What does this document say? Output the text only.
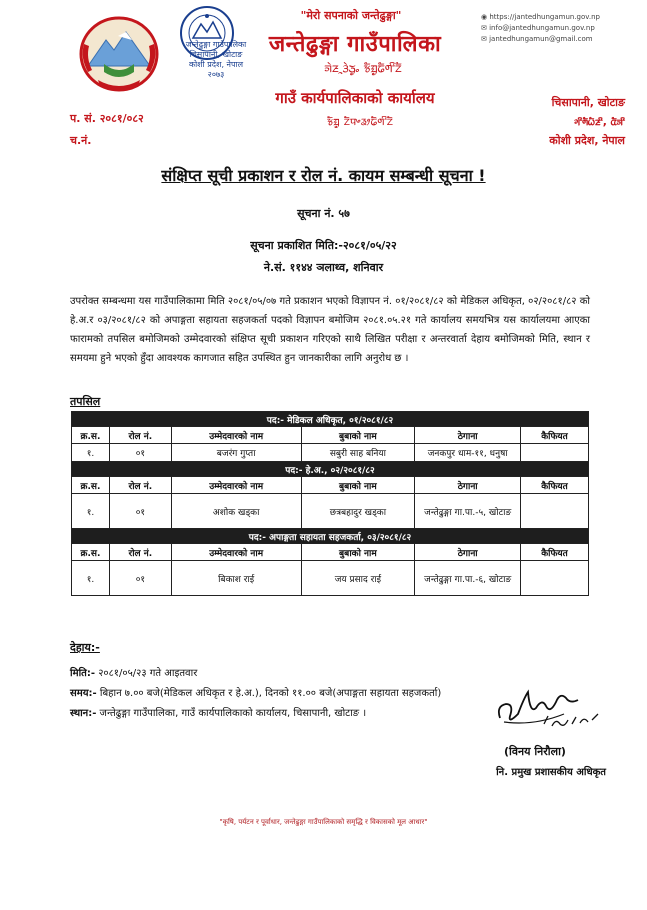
जन्तेढुङ्गा गाउँपालिका
चिसापानी, खोटाङ
कोशी प्रदेश, नेपाल
२०७३
"मेरो सपनाको जन्तेढुङ्गा"
जन्तेढुङ्गा गाउँपालिका
ᤈᤧᤏᤳᤋᤧᤍᤢᤱ ᤃᤠᤀᤢᤒᤠᤛᤡᤁᤠ
गाउँ कार्यपालिकाको कार्यालय
ᤃᤠᤀᤢ ᤁᤠᤄᤴᤕᤣᤒᤠᤛᤡᤁᤠ
◉ https://jantedhungamun.gov.np
✉ info@jantedhungamun.gov.np
✉ jantedhungamun@gmail.com
चिसापानी, खोटाङ
ᤆᤡᤛᤠᤐᤠᤏᤡ, ᤂᤠᤈᤡ
कोशी प्रदेश, नेपाल
प. सं. २०८१/०८२
च.नं.
संक्षिप्त सूची प्रकाशन र रोल नं. कायम सम्बन्धी सूचना !
सूचना नं. ५७
सूचना प्रकाशित मिति:-२०८१/०५/२२
ने.सं. ११४४ ञलाथ्व, शनिवार
उपरोक्त सम्बन्धमा यस गाउँपालिकामा मिति २०८१/०५/०७ गते प्रकाशन भएको विज्ञापन नं. ०१/२०८१/८२ को मेडिकल अधिकृत, ०२/२०८१/८२ को हे.अ.र ०३/२०८१/८२ को अपाङ्गता सहायता सहजकर्ता पदको विज्ञापन बमोजिम २०८१.०५.२१ गते कार्यालय समयभित्र यस कार्यालयमा आएका फारामको तपसिल बमोजिमको उम्मेदवारको संक्षिप्त सूची प्रकाशन गरिएको साथै लिखित परीक्षा र अन्तरवार्ता देहाय बमोजिमको मिति, स्थान र समयमा हुने भएको हुँदा आवश्यक कागजात सहित उपस्थित हुन जानकारीका लागि अनुरोध छ ।
तपसिल
पद:- मेडिकल अधिकृत, ०१/२०८१/८२					
क्र.स.	रोल नं.	उम्मेदवारको नाम	बुबाको नाम	ठेगाना	कैफियत
१.	०१	बजरंग गुप्ता	सबुरी साह बनिया	जनकपुर धाम-११, धनुषा	
पद:- हे.अ., ०२/२०८१/८२					
क्र.स.	रोल नं.	उम्मेदवारको नाम	बुबाको नाम	ठेगाना	कैफियत
१.	०१	अशोक खड्का	छत्रबहादुर खड्का	जन्तेढुङ्गा गा.पा.-५, खोटाङ	
पद:- अपाङ्गता सहायता सहजकर्ता, ०३/२०८१/८२					
क्र.स.	रोल नं.	उम्मेदवारको नाम	बुबाको नाम	ठेगाना	कैफियत
१.	०१	बिकाश राई	जय प्रसाद राई	जन्तेढुङ्गा गा.पा.-६, खोटाङ	
देहाय:-
मिति:- २०८१/०५/२३ गते आइतवार
समय:- बिहान ७.०० बजे(मेडिकल अधिकृत र हे.अ.), दिनको ११.०० बजे(अपाङ्गता सहायता सहजकर्ता)
स्थान:- जन्तेढुङ्गा गाउँपालिका, गाउँ कार्यपालिकाको कार्यालय, चिसापानी, खोटाङ ।
(विनय निरौला)
नि. प्रमुख प्रशासकीय अधिकृत
"कृषि, पर्यटन र पूर्वाधार, जन्तेढुङ्गा गाउँपालिकाको समृद्धि र विकासको मूल आधार"
